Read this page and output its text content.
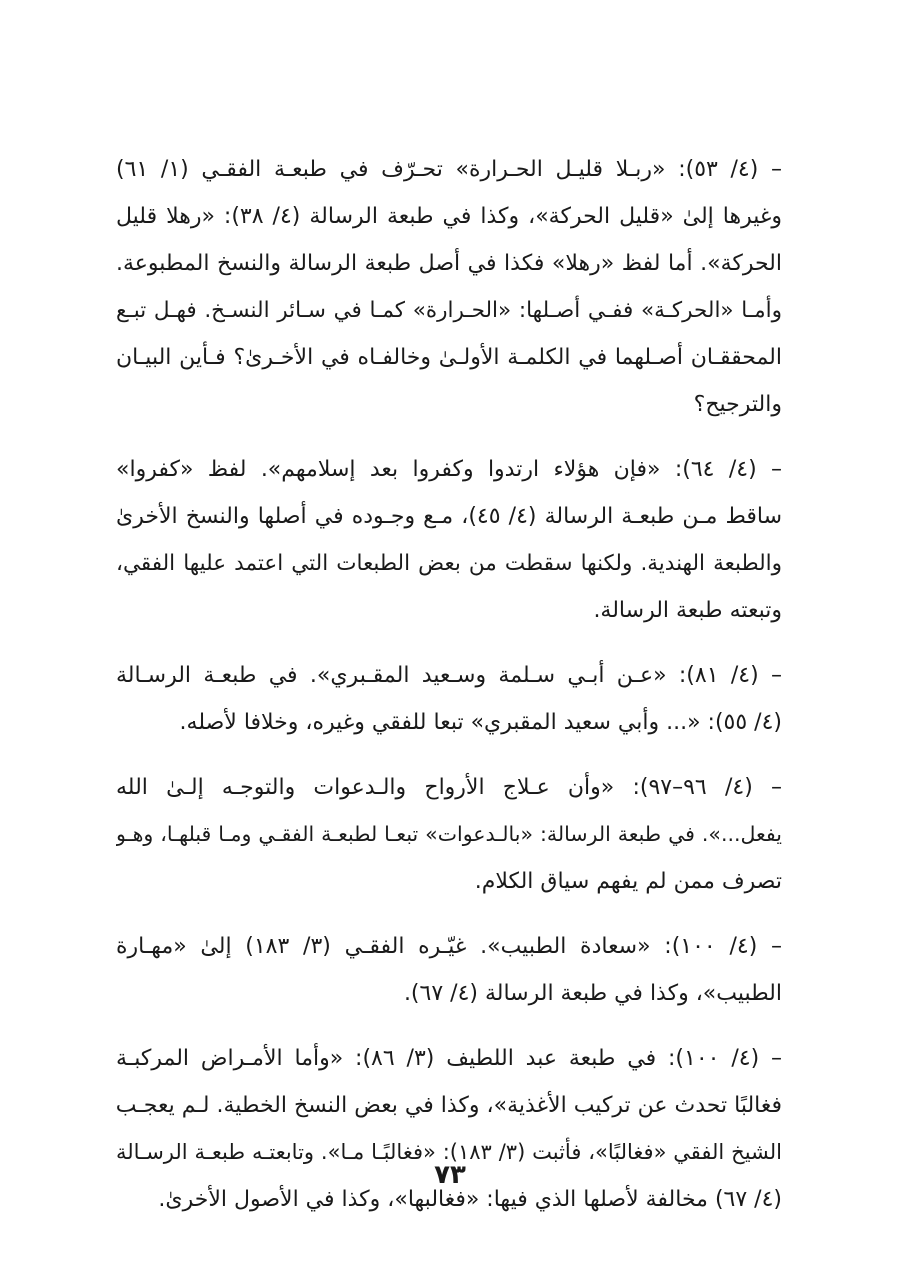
– (٤/ ٥٣): «ربـلا قليـل الحـرارة» تحـرّف في طبعـة الفقـي (١/ ٦١)
وغيرها إلىٰ «قليل الحركة»، وكذا في طبعة الرسالة (٤/ ٣٨): «رهلا قليل
الحركة». أما لفظ «رهلا» فكذا في أصل طبعة الرسالة والنسخ المطبوعة.
وأمـا «الحركـة» ففـي أصـلها: «الحـرارة» كمـا في سـائر النسـخ. فهـل تبـع
المحققـان أصـلهما في الكلمـة الأولـىٰ وخالفـاه في الأخـرىٰ؟ فـأين البيـان
والترجيح؟
– (٤/ ٦٤): «فإن هؤلاء ارتدوا وكفروا بعد إسلامهم». لفظ «كفروا»
ساقط مـن طبعـة الرسالة (٤/ ٤٥)، مـع وجـوده في أصلها والنسخ الأخرىٰ
والطبعة الهندية. ولكنها سقطت من بعض الطبعات التي اعتمد عليها الفقي،
وتبعته طبعة الرسالة.
– (٤/ ٨١): «عـن أبـي سـلمة وسـعيد المقـبري». في طبعـة الرسـالة
(٤/ ٥٥): «... وأبي سعيد المقبري» تبعا للفقي وغيره، وخلافا لأصله.
– (٤/ ٩٦–٩٧): «وأن عـلاج الأرواح والـدعوات والتوجـه إلـىٰ الله
يفعل...». في طبعة الرسالة: «بالـدعوات» تبعـا لطبعـة الفقـي ومـا قبلهـا، وهـو
تصرف ممن لم يفهم سياق الكلام.
– (٤/ ١٠٠): «سعادة الطبيب». غيّـره الفقـي (٣/ ١٨٣) إلىٰ «مهـارة
الطبيب»، وكذا في طبعة الرسالة (٤/ ٦٧).
– (٤/ ١٠٠): في طبعة عبد اللطيف (٣/ ٨٦): «وأما الأمـراض المركبـة
فغالبًا تحدث عن تركيب الأغذية»، وكذا في بعض النسخ الخطية. لـم يعجـب
الشيخ الفقي «فغالبًا»، فأثبت (٣/ ١٨٣): «فغالبًـا مـا». وتابعتـه طبعـة الرسـالة
(٤/ ٦٧) مخالفة لأصلها الذي فيها: «فغالبها»، وكذا في الأصول الأخرىٰ.
٧٣
